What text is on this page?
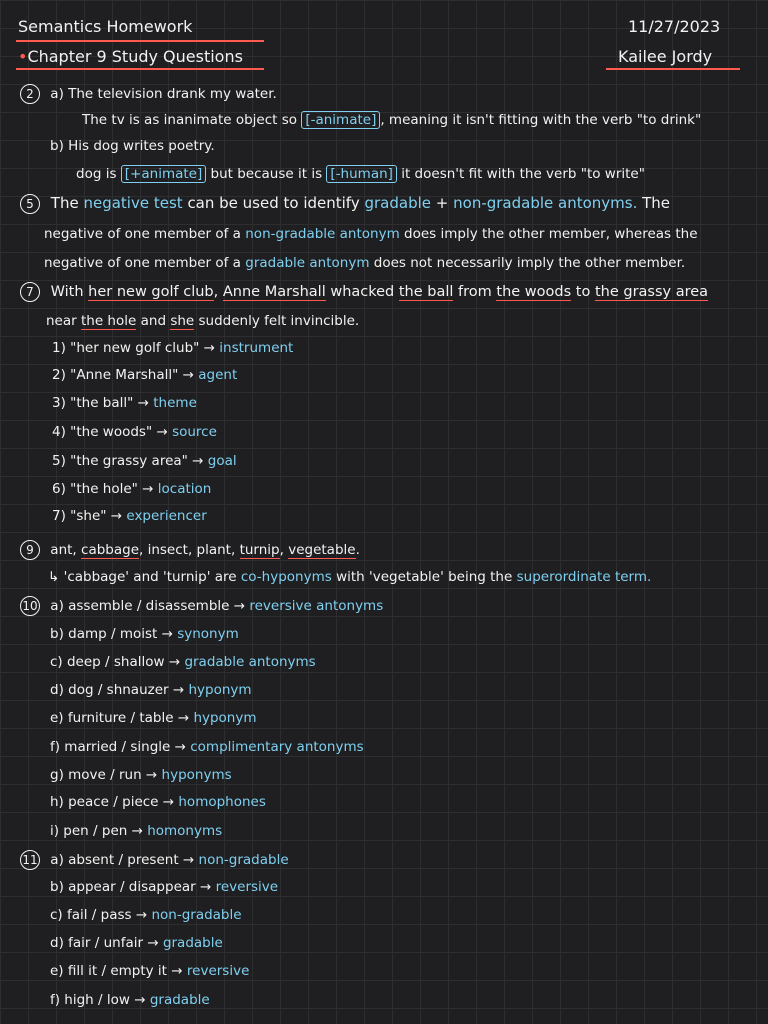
Semantics Homework	11/27/2023
•Chapter 9 Study Questions	Kailee Jordy
2 a) The television drank my water.
The tv is as inanimate object so [-animate] , meaning it isn't fitting with the verb "to drink"
b) His dog writes poetry.
dog is [+animate] but because it is [-human] it doesn't fit with the verb "to write"
5 The negative test can be used to identify gradable + non-gradable antonyms. The
negative of one member of a non-gradable antonym does imply the other member, whereas the
negative of one member of a gradable antonym does not necessarily imply the other member.
7 With her new golf club, Anne Marshall whacked the ball from the woods to the grassy area
near the hole and she suddenly felt invincible.
1) "her new golf club" → instrument
2) "Anne Marshall" → agent
3) "the ball" → theme
4) "the woods" → source
5) "the grassy area" → goal
6) "the hole" → location
7) "she" → experiencer
9 ant, cabbage, insect, plant, turnip, vegetable.
↳ 'cabbage' and 'turnip' are co-hyponyms with 'vegetable' being the superordinate term.
10 a) assemble / disassemble → reversive antonyms
b) damp / moist → synonym
c) deep / shallow → gradable antonyms
d) dog / shnauzer → hyponym
e) furniture / table → hyponym
f) married / single → complimentary antonyms
g) move / run → hyponyms
h) peace / piece → homophones
i) pen / pen → homonyms
11 a) absent / present → non-gradable
b) appear / disappear → reversive
c) fail / pass → non-gradable
d) fair / unfair → gradable
e) fill it / empty it → reversive
f) high / low → gradable
